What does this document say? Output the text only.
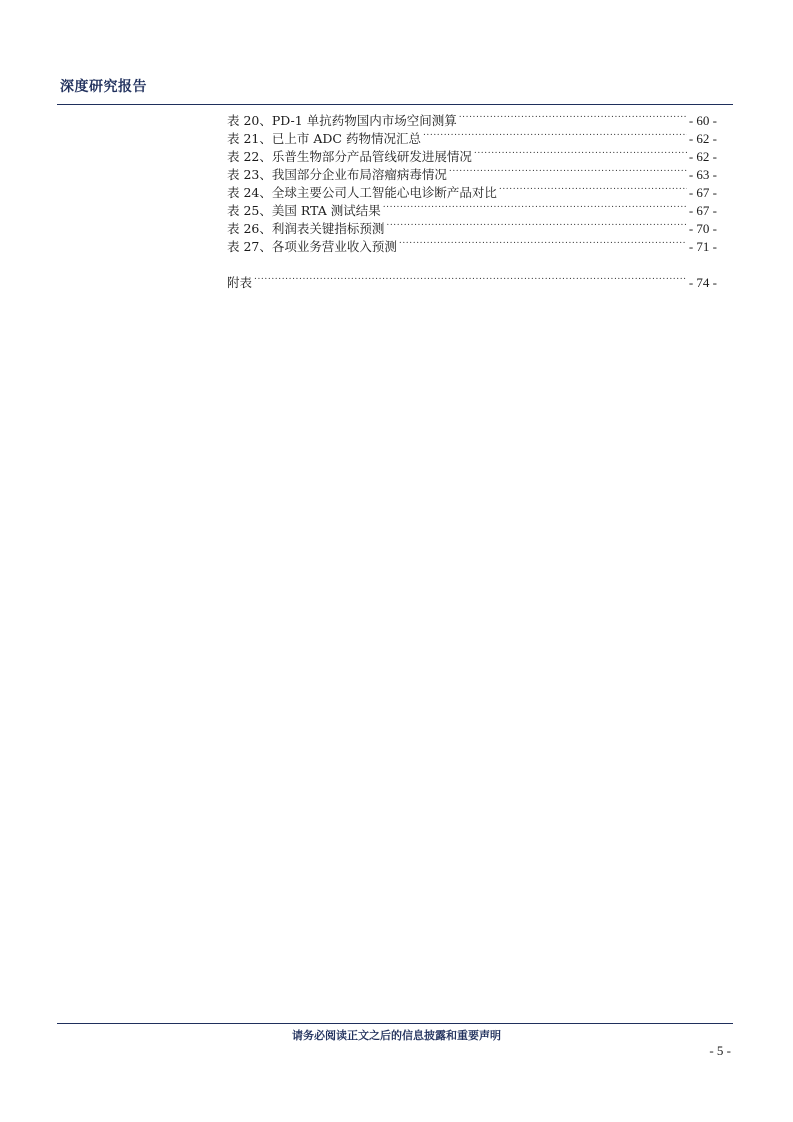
深度研究报告
表 20、PD-1 单抗药物国内市场空间测算 .....	- 60 -
表 21、已上市 ADC 药物情况汇总 .....	- 62 -
表 22、乐普生物部分产品管线研发进展情况 .....	- 62 -
表 23、我国部分企业布局溶瘤病毒情况 .....	- 63 -
表 24、全球主要公司人工智能心电诊断产品对比 .....	- 67 -
表 25、美国 RTA 测试结果 .....	- 67 -
表 26、利润表关键指标预测 .....	- 70 -
表 27、各项业务营业收入预测 .....	- 71 -
附表 .....	- 74 -
请务必阅读正文之后的信息披露和重要声明
- 5 -
